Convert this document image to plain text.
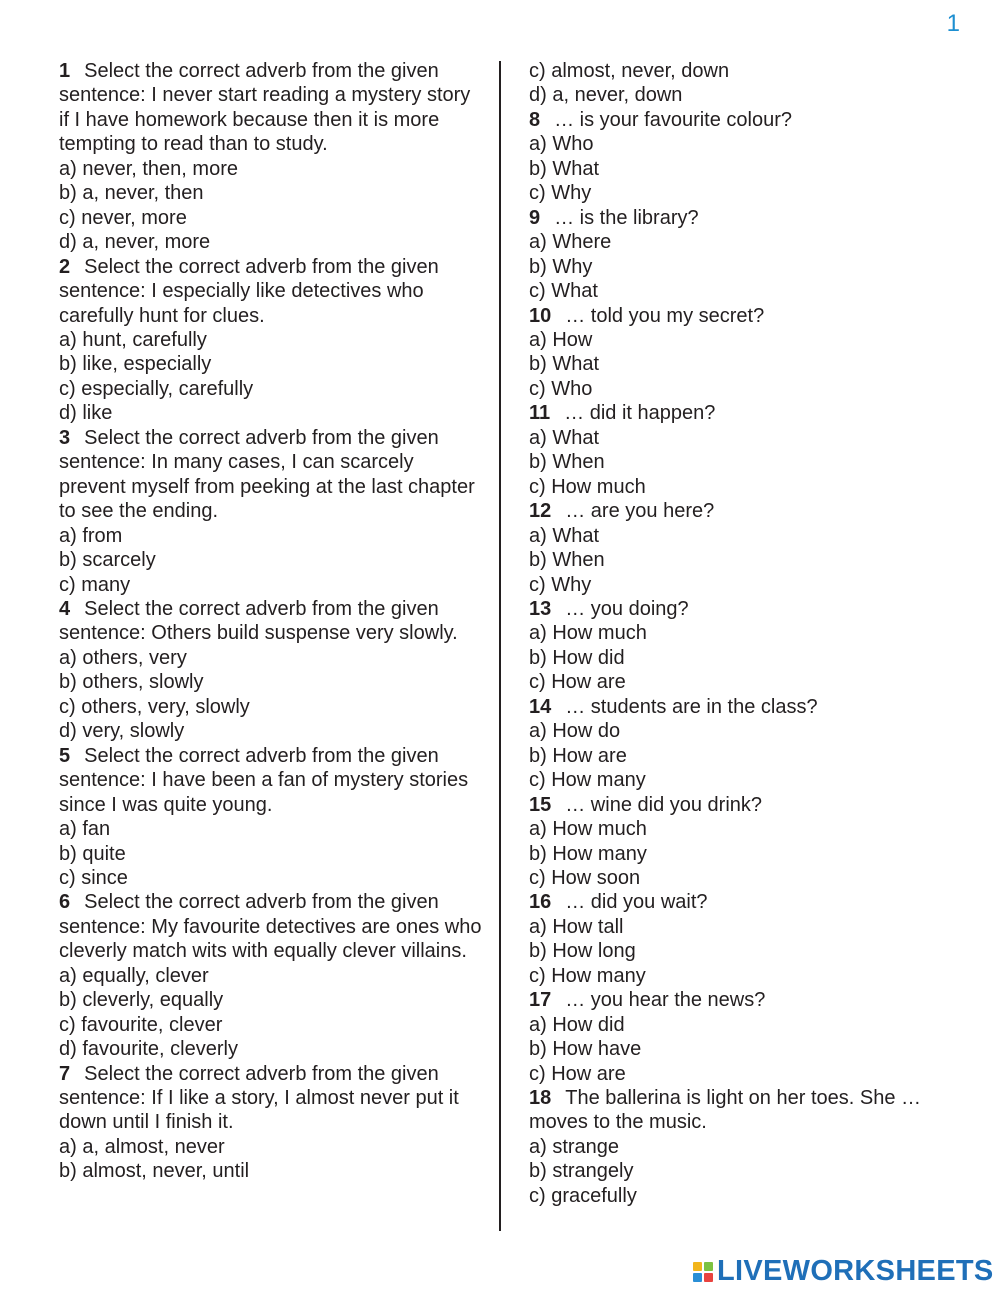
1

1 Select the correct adverb from the given sentence: I never start reading a mystery story if I have homework because then it is more tempting to read than to study.

a) never, then, more

b) a, never, then

c) never, more

d) a, never, more

2 Select the correct adverb from the given sentence: I especially like detectives who carefully hunt for clues.

a) hunt, carefully

b) like, especially

c) especially, carefully

d) like

3 Select the correct adverb from the given sentence: In many cases, I can scarcely prevent myself from peeking at the last chapter to see the ending.

a) from

b) scarcely

c) many

4 Select the correct adverb from the given sentence: Others build suspense very slowly.

a) others, very

b) others, slowly

c) others, very, slowly

d) very, slowly

5 Select the correct adverb from the given sentence: I have been a fan of mystery stories since I was quite young.

a) fan

b) quite

c) since

6 Select the correct adverb from the given sentence: My favourite detectives are ones who cleverly match wits with equally clever villains.

a) equally, clever

b) cleverly, equally

c) favourite, clever

d) favourite, cleverly

7 Select the correct adverb from the given sentence: If I like a story, I almost never put it down until I finish it.

a) a, almost, never

b) almost, never, until

c) almost, never, down

d) a, never, down

8 … is your favourite colour?

a) Who

b) What

c) Why

9 … is the library?

a) Where

b) Why

c) What

10 … told you my secret?

a) How

b) What

c) Who

11 … did it happen?

a) What

b) When

c) How much

12 … are you here?

a) What

b) When

c) Why

13 … you doing?

a) How much

b) How did

c) How are

14 … students are in the class?

a) How do

b) How are

c) How many

15 … wine did you drink?

a) How much

b) How many

c) How soon

16 … did you wait?

a) How tall

b) How long

c) How many

17 … you hear the news?

a) How did

b) How have

c) How are

18 The ballerina is light on her toes. She … moves to the music.

a) strange

b) strangely

c) gracefully

LIVEWORKSHEETS
